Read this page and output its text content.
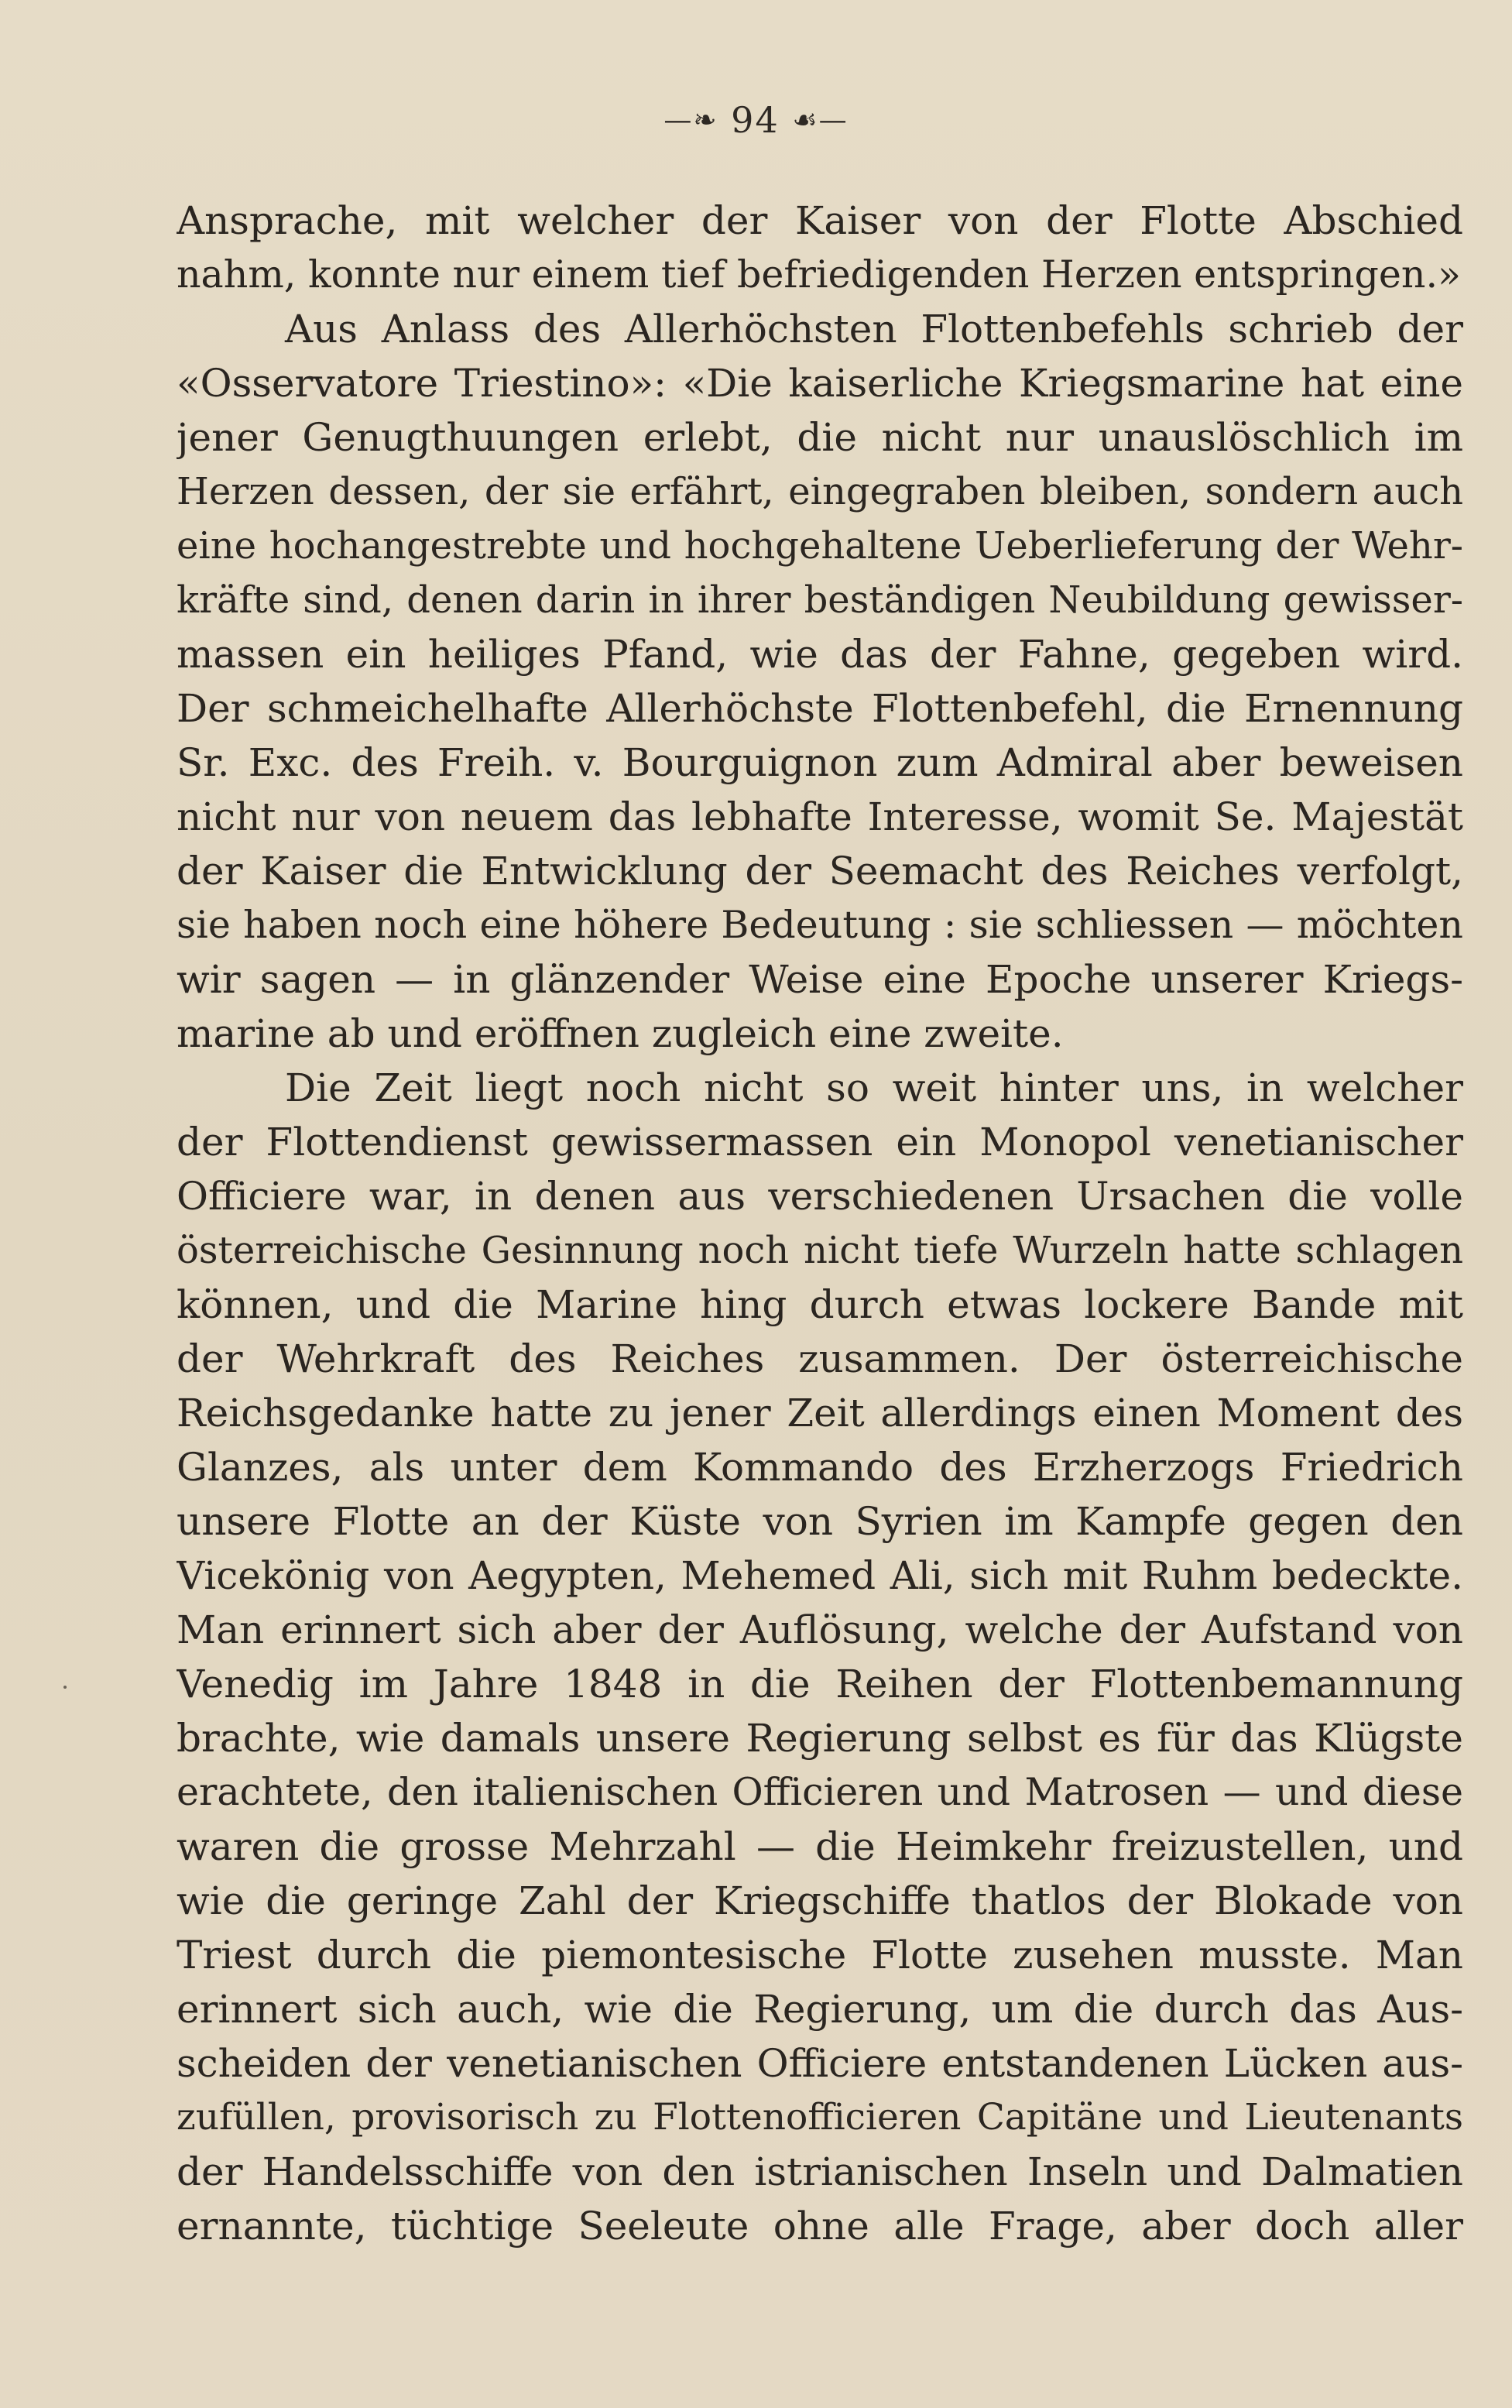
—❧ 94 ☙—
Ansprache, mit welcher der Kaiser von der Flotte Abschied
nahm, konnte nur einem tief befriedigenden Herzen entspringen.»
Aus Anlass des Allerhöchsten Flottenbefehls schrieb der
«Osservatore Triestino»: «Die kaiserliche Kriegsmarine hat eine
jener Genugthuungen erlebt, die nicht nur unauslöschlich im
Herzen dessen, der sie erfährt, eingegraben bleiben, sondern auch
eine hochangestrebte und hochgehaltene Ueberlieferung der Wehr-
kräfte sind, denen darin in ihrer beständigen Neubildung gewisser-
massen ein heiliges Pfand, wie das der Fahne, gegeben wird.
Der schmeichelhafte Allerhöchste Flottenbefehl, die Ernennung
Sr. Exc. des Freih. v. Bourguignon zum Admiral aber beweisen
nicht nur von neuem das lebhafte Interesse, womit Se. Majestät
der Kaiser die Entwicklung der Seemacht des Reiches verfolgt,
sie haben noch eine höhere Bedeutung : sie schliessen — möchten
wir sagen — in glänzender Weise eine Epoche unserer Kriegs-
marine ab und eröffnen zugleich eine zweite.
Die Zeit liegt noch nicht so weit hinter uns, in welcher
der Flottendienst gewissermassen ein Monopol venetianischer
Officiere war, in denen aus verschiedenen Ursachen die volle
österreichische Gesinnung noch nicht tiefe Wurzeln hatte schlagen
können, und die Marine hing durch etwas lockere Bande mit
der Wehrkraft des Reiches zusammen. Der österreichische
Reichsgedanke hatte zu jener Zeit allerdings einen Moment des
Glanzes, als unter dem Kommando des Erzherzogs Friedrich
unsere Flotte an der Küste von Syrien im Kampfe gegen den
Vicekönig von Aegypten, Mehemed Ali, sich mit Ruhm bedeckte.
Man erinnert sich aber der Auflösung, welche der Aufstand von
Venedig im Jahre 1848 in die Reihen der Flottenbemannung
brachte, wie damals unsere Regierung selbst es für das Klügste
erachtete, den italienischen Officieren und Matrosen — und diese
waren die grosse Mehrzahl — die Heimkehr freizustellen, und
wie die geringe Zahl der Kriegschiffe thatlos der Blokade von
Triest durch die piemontesische Flotte zusehen musste. Man
erinnert sich auch, wie die Regierung, um die durch das Aus-
scheiden der venetianischen Officiere entstandenen Lücken aus-
zufüllen, provisorisch zu Flottenofficieren Capitäne und Lieutenants
der Handelsschiffe von den istrianischen Inseln und Dalmatien
ernannte, tüchtige Seeleute ohne alle Frage, aber doch aller
